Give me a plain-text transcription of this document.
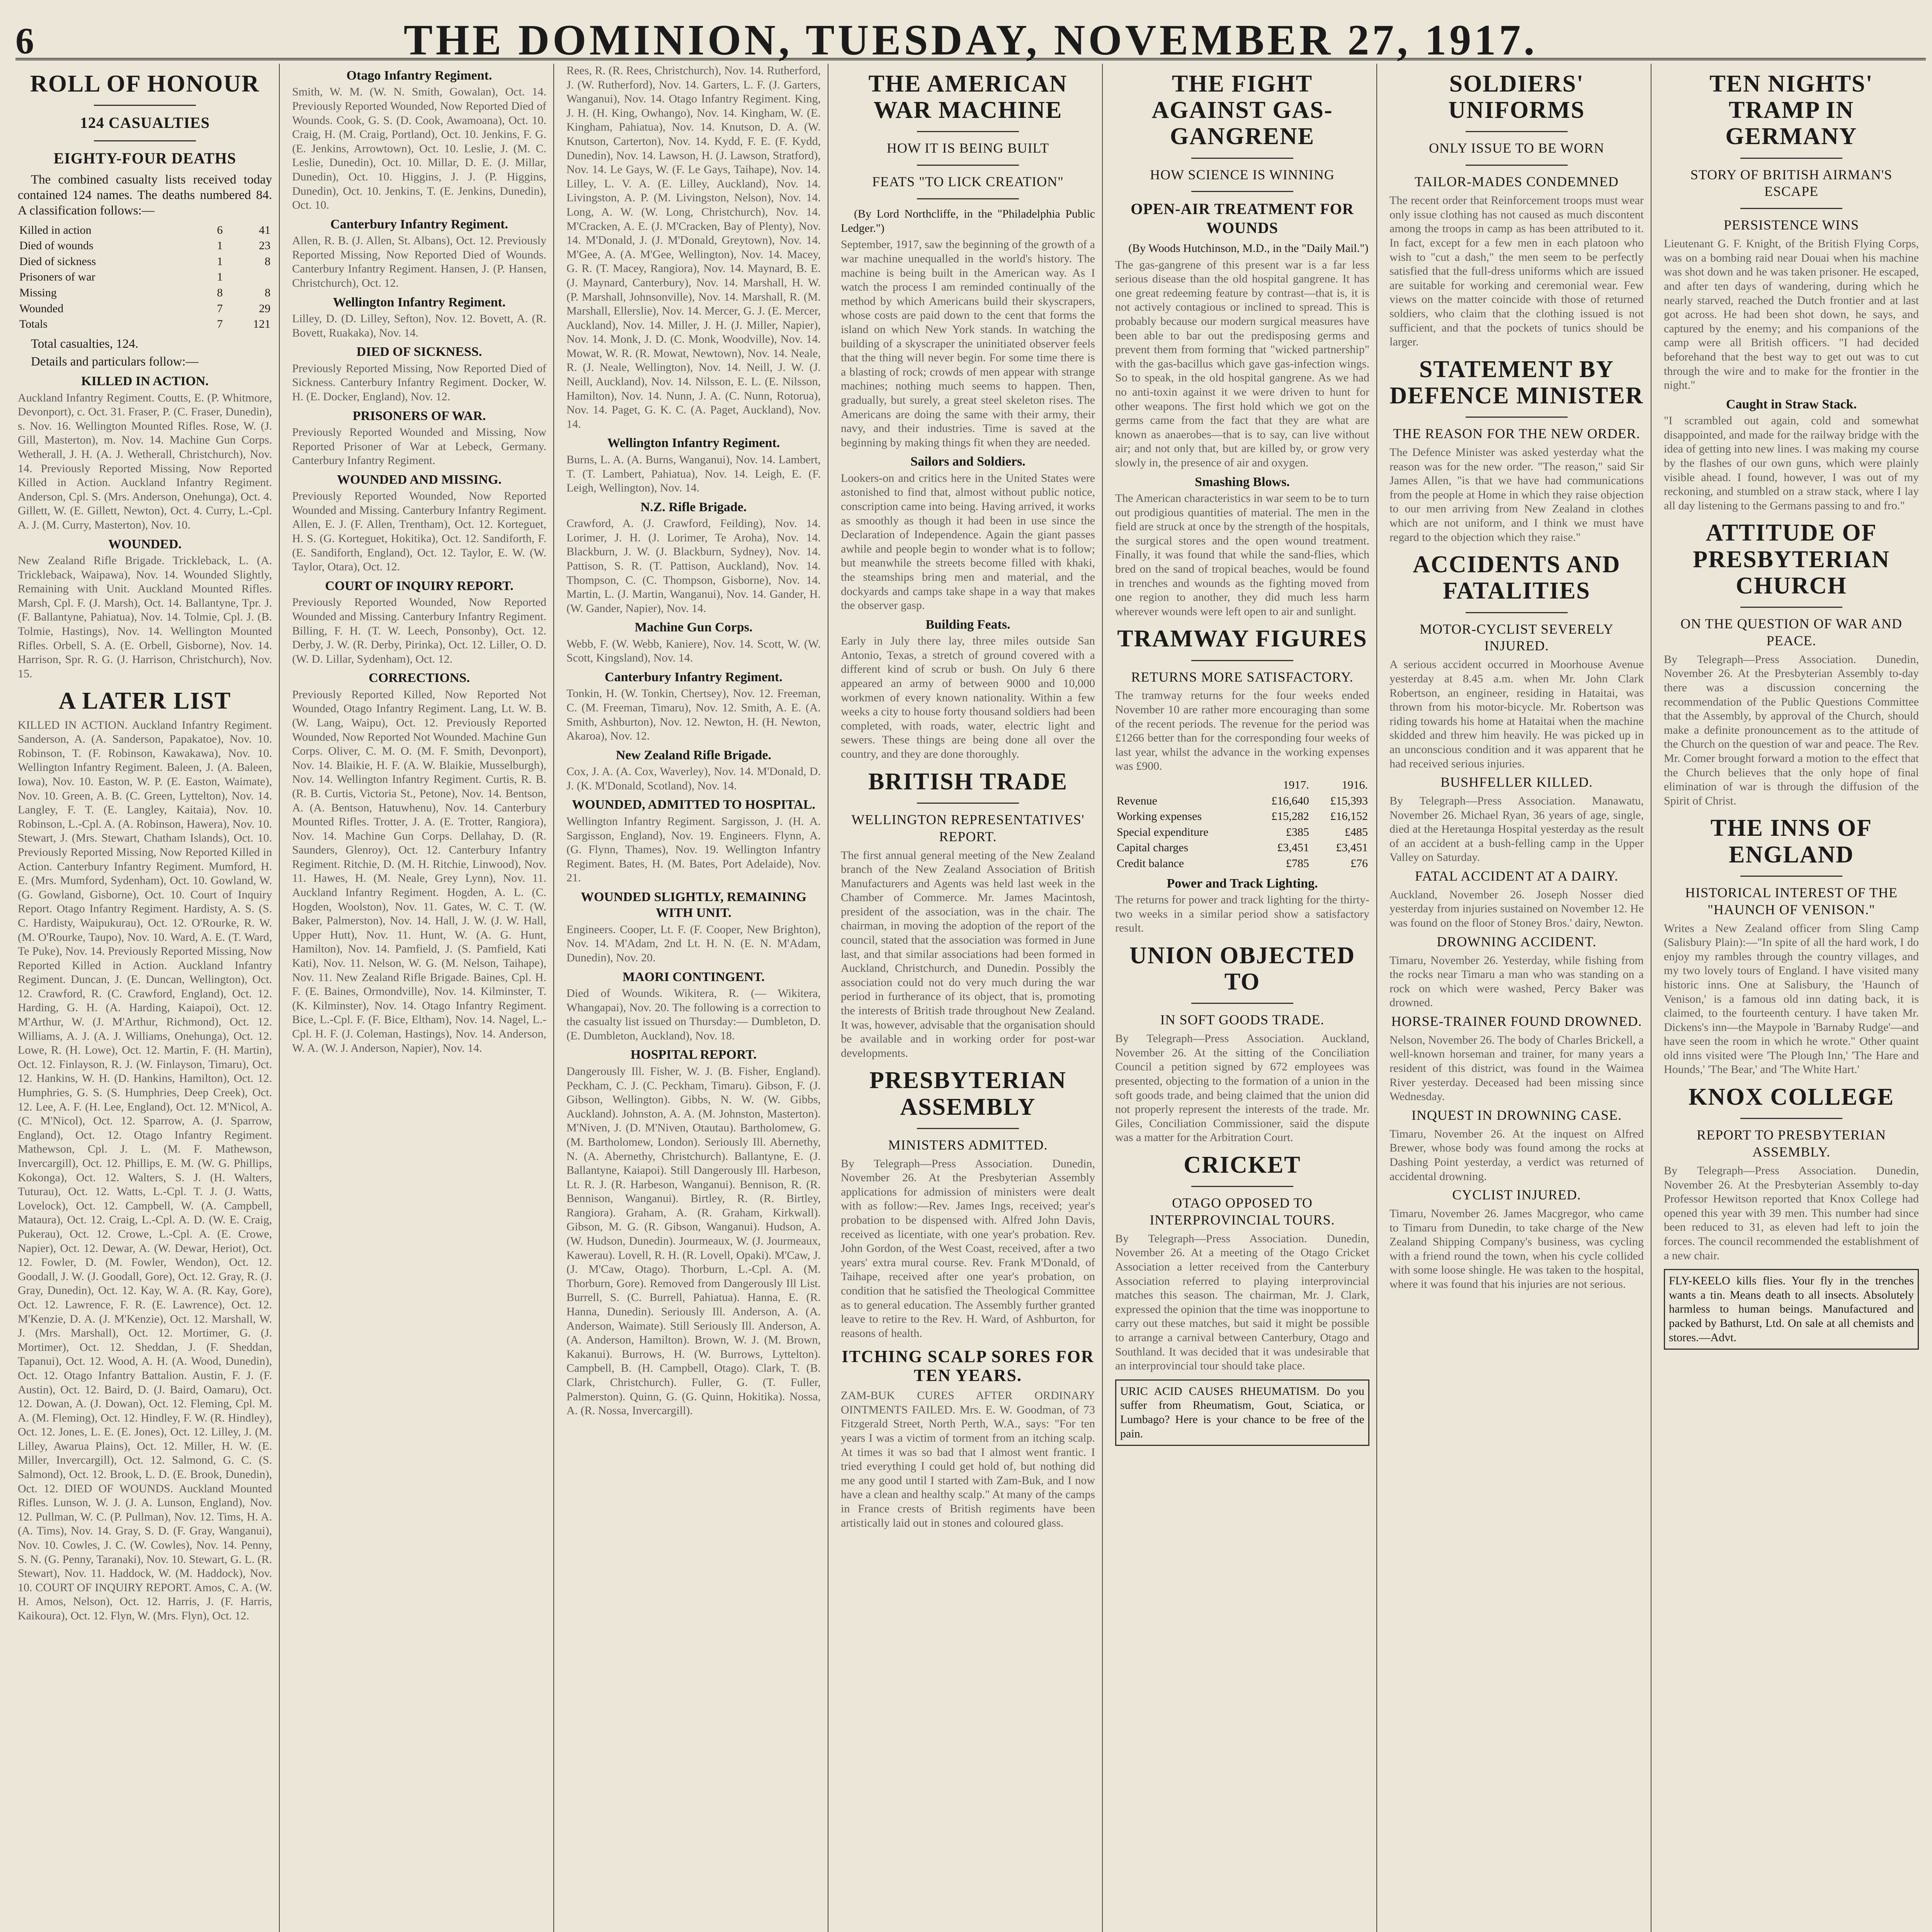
6	THE DOMINION, TUESDAY, NOVEMBER 27, 1917.
ROLL OF HONOUR
124 CASUALTIES
EIGHTY-FOUR DEATHS

The combined casualty lists received today contained 124 names. The deaths numbered 84. A classification follows:—

Killed in action	6	41
Died of wounds	1	23
Died of sickness	1	8
Prisoners of war	1	
Missing	8	8
Wounded	7	29
Totals	7	121

Total casualties, 124.

Details and particulars follow:—

KILLED IN ACTION.
Auckland Infantry Regiment. Coutts, E. (P. Whitmore, Devonport), c. Oct. 31. Fraser, P. (C. Fraser, Dunedin), s. Nov. 16. Wellington Mounted Rifles. Rose, W. (J. Gill, Masterton), m. Nov. 14. Machine Gun Corps. Wetherall, J. H. (A. J. Wetherall, Christchurch), Nov. 14. Previously Reported Missing, Now Reported Killed in Action. Auckland Infantry Regiment. Anderson, Cpl. S. (Mrs. Anderson, Onehunga), Oct. 4. Gillett, W. (E. Gillett, Newton), Oct. 4. Curry, L.-Cpl. A. J. (M. Curry, Masterton), Nov. 10.
WOUNDED.
New Zealand Rifle Brigade. Trickleback, L. (A. Trickleback, Waipawa), Nov. 14. Wounded Slightly, Remaining with Unit. Auckland Mounted Rifles. Marsh, Cpl. F. (J. Marsh), Oct. 14. Ballantyne, Tpr. J. (F. Ballantyne, Pahiatua), Nov. 14. Tolmie, Cpl. J. (B. Tolmie, Hastings), Nov. 14. Wellington Mounted Rifles. Orbell, S. A. (E. Orbell, Gisborne), Nov. 14. Harrison, Spr. R. G. (J. Harrison, Christchurch), Nov. 15.
A LATER LIST
KILLED IN ACTION. Auckland Infantry Regiment. Sanderson, A. (A. Sanderson, Papakatoe), Nov. 10. Robinson, T. (F. Robinson, Kawakawa), Nov. 10. Wellington Infantry Regiment. Baleen, J. (A. Baleen, Iowa), Nov. 10. Easton, W. P. (E. Easton, Waimate), Nov. 10. Green, A. B. (C. Green, Lyttelton), Nov. 14. Langley, F. T. (E. Langley, Kaitaia), Nov. 10. Robinson, L.-Cpl. A. (A. Robinson, Hawera), Nov. 10. Stewart, J. (Mrs. Stewart, Chatham Islands), Oct. 10. Previously Reported Missing, Now Reported Killed in Action. Canterbury Infantry Regiment. Mumford, H. E. (Mrs. Mumford, Sydenham), Oct. 10. Gowland, W. (G. Gowland, Gisborne), Oct. 10. Court of Inquiry Report. Otago Infantry Regiment. Hardisty, A. S. (S. C. Hardisty, Waipukurau), Oct. 12. O'Rourke, R. W. (M. O'Rourke, Taupo), Nov. 10. Ward, A. E. (T. Ward, Te Puke), Nov. 14. Previously Reported Missing, Now Reported Killed in Action. Auckland Infantry Regiment. Duncan, J. (E. Duncan, Wellington), Oct. 12. Crawford, R. (C. Crawford, England), Oct. 12. Harding, G. H. (A. Harding, Kaiapoi), Oct. 12. M'Arthur, W. (J. M'Arthur, Richmond), Oct. 12. Williams, A. J. (A. J. Williams, Onehunga), Oct. 12. Lowe, R. (H. Lowe), Oct. 12. Martin, F. (H. Martin), Oct. 12. Finlayson, R. J. (W. Finlayson, Timaru), Oct. 12. Hankins, W. H. (D. Hankins, Hamilton), Oct. 12. Humphries, G. S. (S. Humphries, Deep Creek), Oct. 12. Lee, A. F. (H. Lee, England), Oct. 12. M'Nicol, A. (C. M'Nicol), Oct. 12. Sparrow, A. (J. Sparrow, England), Oct. 12. Otago Infantry Regiment. Mathewson, Cpl. J. L. (M. F. Mathewson, Invercargill), Oct. 12. Phillips, E. M. (W. G. Phillips, Kokonga), Oct. 12. Walters, S. J. (H. Walters, Tuturau), Oct. 12. Watts, L.-Cpl. T. J. (J. Watts, Lovelock), Oct. 12. Campbell, W. (A. Campbell, Mataura), Oct. 12. Craig, L.-Cpl. A. D. (W. E. Craig, Pukerau), Oct. 12. Crowe, L.-Cpl. A. (E. Crowe, Napier), Oct. 12. Dewar, A. (W. Dewar, Heriot), Oct. 12. Fowler, D. (M. Fowler, Wendon), Oct. 12. Goodall, J. W. (J. Goodall, Gore), Oct. 12. Gray, R. (J. Gray, Dunedin), Oct. 12. Kay, W. A. (R. Kay, Gore), Oct. 12. Lawrence, F. R. (E. Lawrence), Oct. 12. M'Kenzie, D. A. (J. M'Kenzie), Oct. 12. Marshall, W. J. (Mrs. Marshall), Oct. 12. Mortimer, G. (J. Mortimer), Oct. 12. Sheddan, J. (F. Sheddan, Tapanui), Oct. 12. Wood, A. H. (A. Wood, Dunedin), Oct. 12. Otago Infantry Battalion. Austin, F. J. (F. Austin), Oct. 12. Baird, D. (J. Baird, Oamaru), Oct. 12. Dowan, A. (J. Dowan), Oct. 12. Fleming, Cpl. M. A. (M. Fleming), Oct. 12. Hindley, F. W. (R. Hindley), Oct. 12. Jones, L. E. (E. Jones), Oct. 12. Lilley, J. (M. Lilley, Awarua Plains), Oct. 12. Miller, H. W. (E. Miller, Invercargill), Oct. 12. Salmond, G. C. (S. Salmond), Oct. 12. Brook, L. D. (E. Brook, Dunedin), Oct. 12. DIED OF WOUNDS. Auckland Mounted Rifles. Lunson, W. J. (J. A. Lunson, England), Nov. 12. Pullman, W. C. (P. Pullman), Nov. 12. Tims, H. A. (A. Tims), Nov. 14. Gray, S. D. (F. Gray, Wanganui), Nov. 10. Cowles, J. C. (W. Cowles), Nov. 14. Penny, S. N. (G. Penny, Taranaki), Nov. 10. Stewart, G. L. (R. Stewart), Nov. 11. Haddock, W. (M. Haddock), Nov. 10. COURT OF INQUIRY REPORT. Amos, C. A. (W. H. Amos, Nelson), Oct. 12. Harris, J. (F. Harris, Kaikoura), Oct. 12. Flyn, W. (Mrs. Flyn), Oct. 12.
Otago Infantry Regiment.
Smith, W. M. (W. N. Smith, Gowalan), Oct. 14. Previously Reported Wounded, Now Reported Died of Wounds. Cook, G. S. (D. Cook, Awamoana), Oct. 10. Craig, H. (M. Craig, Portland), Oct. 10. Jenkins, F. G. (E. Jenkins, Arrowtown), Oct. 10. Leslie, J. (M. C. Leslie, Dunedin), Oct. 10. Millar, D. E. (J. Millar, Dunedin), Oct. 10. Higgins, J. J. (P. Higgins, Dunedin), Oct. 10. Jenkins, T. (E. Jenkins, Dunedin), Oct. 10.
Canterbury Infantry Regiment.
Allen, R. B. (J. Allen, St. Albans), Oct. 12. Previously Reported Missing, Now Reported Died of Wounds. Canterbury Infantry Regiment. Hansen, J. (P. Hansen, Christchurch), Oct. 12.
Wellington Infantry Regiment.
Lilley, D. (D. Lilley, Sefton), Nov. 12. Bovett, A. (R. Bovett, Ruakaka), Nov. 14.
DIED OF SICKNESS.
Previously Reported Missing, Now Reported Died of Sickness. Canterbury Infantry Regiment. Docker, W. H. (E. Docker, England), Nov. 12.
PRISONERS OF WAR.
Previously Reported Wounded and Missing, Now Reported Prisoner of War at Lebeck, Germany. Canterbury Infantry Regiment.
WOUNDED AND MISSING.
Previously Reported Wounded, Now Reported Wounded and Missing. Canterbury Infantry Regiment. Allen, E. J. (F. Allen, Trentham), Oct. 12. Korteguet, H. S. (G. Korteguet, Hokitika), Oct. 12. Sandiforth, F. (E. Sandiforth, England), Oct. 12. Taylor, E. W. (W. Taylor, Otara), Oct. 12.
COURT OF INQUIRY REPORT.
Previously Reported Wounded, Now Reported Wounded and Missing. Canterbury Infantry Regiment. Billing, F. H. (T. W. Leech, Ponsonby), Oct. 12. Derby, J. W. (R. Derby, Pirinka), Oct. 12. Liller, O. D. (W. D. Lillar, Sydenham), Oct. 12.
CORRECTIONS.
Previously Reported Killed, Now Reported Not Wounded, Otago Infantry Regiment. Lang, Lt. W. B. (W. Lang, Waipu), Oct. 12. Previously Reported Wounded, Now Reported Not Wounded. Machine Gun Corps. Oliver, C. M. O. (M. F. Smith, Devonport), Nov. 14. Blaikie, H. F. (A. W. Blaikie, Musselburgh), Nov. 14. Wellington Infantry Regiment. Curtis, R. B. (R. B. Curtis, Victoria St., Petone), Nov. 14. Bentson, A. (A. Bentson, Hatuwhenu), Nov. 14. Canterbury Mounted Rifles. Trotter, J. A. (E. Trotter, Rangiora), Nov. 14. Machine Gun Corps. Dellahay, D. (R. Saunders, Glenroy), Oct. 12. Canterbury Infantry Regiment. Ritchie, D. (M. H. Ritchie, Linwood), Nov. 11. Hawes, H. (M. Neale, Grey Lynn), Nov. 11. Auckland Infantry Regiment. Hogden, A. L. (C. Hogden, Woolston), Nov. 11. Gates, W. C. T. (W. Baker, Palmerston), Nov. 14. Hall, J. W. (J. W. Hall, Upper Hutt), Nov. 11. Hunt, W. (A. G. Hunt, Hamilton), Nov. 14. Pamfield, J. (S. Pamfield, Kati Kati), Nov. 11. Nelson, W. G. (M. Nelson, Taihape), Nov. 11. New Zealand Rifle Brigade. Baines, Cpl. H. F. (E. Baines, Ormondville), Nov. 14. Kilminster, T. (K. Kilminster), Nov. 14. Otago Infantry Regiment. Bice, L.-Cpl. F. (F. Bice, Eltham), Nov. 14. Nagel, L.-Cpl. H. F. (J. Coleman, Hastings), Nov. 14. Anderson, W. A. (W. J. Anderson, Napier), Nov. 14.
Rees, R. (R. Rees, Christchurch), Nov. 14. Rutherford, J. (W. Rutherford), Nov. 14. Garters, L. F. (J. Garters, Wanganui), Nov. 14. Otago Infantry Regiment. King, J. H. (H. King, Owhango), Nov. 14. Kingham, W. (E. Kingham, Pahiatua), Nov. 14. Knutson, D. A. (W. Knutson, Carterton), Nov. 14. Kydd, F. E. (F. Kydd, Dunedin), Nov. 14. Lawson, H. (J. Lawson, Stratford), Nov. 14. Le Gays, W. (F. Le Gays, Taihape), Nov. 14. Lilley, L. V. A. (E. Lilley, Auckland), Nov. 14. Livingston, A. P. (M. Livingston, Nelson), Nov. 14. Long, A. W. (W. Long, Christchurch), Nov. 14. M'Cracken, A. E. (J. M'Cracken, Bay of Plenty), Nov. 14. M'Donald, J. (J. M'Donald, Greytown), Nov. 14. M'Gee, A. (A. M'Gee, Wellington), Nov. 14. Macey, G. R. (T. Macey, Rangiora), Nov. 14. Maynard, B. E. (J. Maynard, Canterbury), Nov. 14. Marshall, H. W. (P. Marshall, Johnsonville), Nov. 14. Marshall, R. (M. Marshall, Ellerslie), Nov. 14. Mercer, G. J. (E. Mercer, Auckland), Nov. 14. Miller, J. H. (J. Miller, Napier), Nov. 14. Monk, J. D. (C. Monk, Woodville), Nov. 14. Mowat, W. R. (R. Mowat, Newtown), Nov. 14. Neale, R. (J. Neale, Wellington), Nov. 14. Neill, J. W. (J. Neill, Auckland), Nov. 14. Nilsson, E. L. (E. Nilsson, Hamilton), Nov. 14. Nunn, J. A. (C. Nunn, Rotorua), Nov. 14. Paget, G. K. C. (A. Paget, Auckland), Nov. 14.
Wellington Infantry Regiment.
Burns, L. A. (A. Burns, Wanganui), Nov. 14. Lambert, T. (T. Lambert, Pahiatua), Nov. 14. Leigh, E. (F. Leigh, Wellington), Nov. 14.
N.Z. Rifle Brigade.
Crawford, A. (J. Crawford, Feilding), Nov. 14. Lorimer, J. H. (J. Lorimer, Te Aroha), Nov. 14. Blackburn, J. W. (J. Blackburn, Sydney), Nov. 14. Pattison, S. R. (T. Pattison, Auckland), Nov. 14. Thompson, C. (C. Thompson, Gisborne), Nov. 14. Martin, L. (J. Martin, Wanganui), Nov. 14. Gander, H. (W. Gander, Napier), Nov. 14.
Machine Gun Corps.
Webb, F. (W. Webb, Kaniere), Nov. 14. Scott, W. (W. Scott, Kingsland), Nov. 14.
Canterbury Infantry Regiment.
Tonkin, H. (W. Tonkin, Chertsey), Nov. 12. Freeman, C. (M. Freeman, Timaru), Nov. 12. Smith, A. E. (A. Smith, Ashburton), Nov. 12. Newton, H. (H. Newton, Akaroa), Nov. 12.
New Zealand Rifle Brigade.
Cox, J. A. (A. Cox, Waverley), Nov. 14. M'Donald, D. J. (K. M'Donald, Scotland), Nov. 14.
WOUNDED, ADMITTED TO HOSPITAL.
Wellington Infantry Regiment. Sargisson, J. (H. A. Sargisson, England), Nov. 19. Engineers. Flynn, A. (G. Flynn, Thames), Nov. 19. Wellington Infantry Regiment. Bates, H. (M. Bates, Port Adelaide), Nov. 21.
WOUNDED SLIGHTLY, REMAINING WITH UNIT.
Engineers. Cooper, Lt. F. (F. Cooper, New Brighton), Nov. 14. M'Adam, 2nd Lt. H. N. (E. N. M'Adam, Dunedin), Nov. 20.
MAORI CONTINGENT.
Died of Wounds. Wikitera, R. (— Wikitera, Whangapai), Nov. 20. The following is a correction to the casualty list issued on Thursday:— Dumbleton, D. (E. Dumbleton, Auckland), Nov. 18.
HOSPITAL REPORT.
Dangerously Ill. Fisher, W. J. (B. Fisher, England). Peckham, C. J. (C. Peckham, Timaru). Gibson, F. (J. Gibson, Wellington). Gibbs, N. W. (W. Gibbs, Auckland). Johnston, A. A. (M. Johnston, Masterton). M'Niven, J. (D. M'Niven, Otautau). Bartholomew, G. (M. Bartholomew, London). Seriously Ill. Abernethy, N. (A. Abernethy, Christchurch). Ballantyne, E. (J. Ballantyne, Kaiapoi). Still Dangerously Ill. Harbeson, Lt. R. J. (R. Harbeson, Wanganui). Bennison, R. (R. Bennison, Wanganui). Birtley, R. (R. Birtley, Rangiora). Graham, A. (R. Graham, Kirkwall). Gibson, M. G. (R. Gibson, Wanganui). Hudson, A. (W. Hudson, Dunedin). Jourmeaux, W. (J. Jourmeaux, Kawerau). Lovell, R. H. (R. Lovell, Opaki). M'Caw, J. (J. M'Caw, Otago). Thorburn, L.-Cpl. A. (M. Thorburn, Gore). Removed from Dangerously Ill List. Burrell, S. (C. Burrell, Pahiatua). Hanna, E. (R. Hanna, Dunedin). Seriously Ill. Anderson, A. (A. Anderson, Waimate). Still Seriously Ill. Anderson, A. (A. Anderson, Hamilton). Brown, W. J. (M. Brown, Kakanui). Burrows, H. (W. Burrows, Lyttelton). Campbell, B. (H. Campbell, Otago). Clark, T. (B. Clark, Christchurch). Fuller, G. (T. Fuller, Palmerston). Quinn, G. (G. Quinn, Hokitika). Nossa, A. (R. Nossa, Invercargill).
THE AMERICAN WAR MACHINE
HOW IT IS BEING BUILT
FEATS "TO LICK CREATION"

(By Lord Northcliffe, in the "Philadelphia Public Ledger.")

September, 1917, saw the beginning of the growth of a war machine unequalled in the world's history. The machine is being built in the American way. As I watch the process I am reminded continually of the method by which Americans build their skyscrapers, whose costs are paid down to the cent that forms the island on which New York stands. In watching the building of a skyscraper the uninitiated observer feels that the thing will never begin. For some time there is a blasting of rock; crowds of men appear with strange machines; nothing much seems to happen. Then, gradually, but surely, a great steel skeleton rises. The Americans are doing the same with their army, their navy, and their industries. Time is saved at the beginning by making things fit when they are needed.
Sailors and Soldiers.
Lookers-on and critics here in the United States were astonished to find that, almost without public notice, conscription came into being. Having arrived, it works as smoothly as though it had been in use since the Declaration of Independence. Again the giant passes awhile and people begin to wonder what is to follow; but meanwhile the streets become filled with khaki, the steamships bring men and material, and the dockyards and camps take shape in a way that makes the observer gasp.
Building Feats.
Early in July there lay, three miles outside San Antonio, Texas, a stretch of ground covered with a different kind of scrub or bush. On July 6 there appeared an army of between 9000 and 10,000 workmen of every known nationality. Within a few weeks a city to house forty thousand soldiers had been completed, with roads, water, electric light and sewers. These things are being done all over the country, and they are done thoroughly.
BRITISH TRADE
WELLINGTON REPRESENTATIVES' REPORT.
The first annual general meeting of the New Zealand branch of the New Zealand Association of British Manufacturers and Agents was held last week in the Chamber of Commerce. Mr. James Macintosh, president of the association, was in the chair. The chairman, in moving the adoption of the report of the council, stated that the association was formed in June last, and that similar associations had been formed in Auckland, Christchurch, and Dunedin. Possibly the association could not do very much during the war period in furtherance of its object, that is, promoting the interests of British trade throughout New Zealand. It was, however, advisable that the organisation should be available and in working order for post-war developments.
PRESBYTERIAN ASSEMBLY
MINISTERS ADMITTED.
By Telegraph—Press Association. Dunedin, November 26. At the Presbyterian Assembly applications for admission of ministers were dealt with as follow:—Rev. James Ings, received; year's probation to be dispensed with. Alfred John Davis, received as licentiate, with one year's probation. Rev. John Gordon, of the West Coast, received, after a two years' extra mural course. Rev. Frank M'Donald, of Taihape, received after one year's probation, on condition that he satisfied the Theological Committee as to general education. The Assembly further granted leave to retire to the Rev. H. Ward, of Ashburton, for reasons of health.
ITCHING SCALP SORES FOR TEN YEARS.
ZAM-BUK CURES AFTER ORDINARY OINTMENTS FAILED. Mrs. E. W. Goodman, of 73 Fitzgerald Street, North Perth, W.A., says: "For ten years I was a victim of torment from an itching scalp. At times it was so bad that I almost went frantic. I tried everything I could get hold of, but nothing did me any good until I started with Zam-Buk, and I now have a clean and healthy scalp." At many of the camps in France crests of British regiments have been artistically laid out in stones and coloured glass.
THE FIGHT AGAINST GAS-GANGRENE
HOW SCIENCE IS WINNING
OPEN-AIR TREATMENT FOR WOUNDS

(By Woods Hutchinson, M.D., in the "Daily Mail.")

The gas-gangrene of this present war is a far less serious disease than the old hospital gangrene. It has one great redeeming feature by contrast—that is, it is not actively contagious or inclined to spread. This is probably because our modern surgical measures have been able to bar out the predisposing germs and prevent them from forming that "wicked partnership" with the gas-bacillus which gave gas-infection wings. So to speak, in the old hospital gangrene. As we had no anti-toxin against it we were driven to hunt for other weapons. The first hold which we got on the germs came from the fact that they are what are known as anaerobes—that is to say, can live without air; and not only that, but are killed by, or grow very slowly in, the presence of air and oxygen.
Smashing Blows.
The American characteristics in war seem to be to turn out prodigious quantities of material. The men in the field are struck at once by the strength of the hospitals, the surgical stores and the open wound treatment. Finally, it was found that while the sand-flies, which bred on the sand of tropical beaches, would be found in trenches and wounds as the fighting moved from one region to another, they did much less harm wherever wounds were left open to air and sunlight.
TRAMWAY FIGURES
RETURNS MORE SATISFACTORY.
The tramway returns for the four weeks ended November 10 are rather more encouraging than some of the recent periods. The revenue for the period was £1266 better than for the corresponding four weeks of last year, whilst the advance in the working expenses was £900.
	1917.	1916.
Revenue	£16,640	£15,393
Working expenses	£15,282	£16,152
Special expenditure	£385	£485
Capital charges	£3,451	£3,451
Credit balance	£785	£76
Power and Track Lighting.
The returns for power and track lighting for the thirty-two weeks in a similar period show a satisfactory result.
UNION OBJECTED TO
IN SOFT GOODS TRADE.
By Telegraph—Press Association. Auckland, November 26. At the sitting of the Conciliation Council a petition signed by 672 employees was presented, objecting to the formation of a union in the soft goods trade, and being claimed that the union did not properly represent the interests of the trade. Mr. Giles, Conciliation Commissioner, said the dispute was a matter for the Arbitration Court.
CRICKET
OTAGO OPPOSED TO INTERPROVINCIAL TOURS.
By Telegraph—Press Association. Dunedin, November 26. At a meeting of the Otago Cricket Association a letter received from the Canterbury Association referred to playing interprovincial matches this season. The chairman, Mr. J. Clark, expressed the opinion that the time was inopportune to carry out these matches, but said it might be possible to arrange a carnival between Canterbury, Otago and Southland. It was decided that it was undesirable that an interprovincial tour should take place.
URIC ACID CAUSES RHEUMATISM. Do you suffer from Rheumatism, Gout, Sciatica, or Lumbago? Here is your chance to be free of the pain.
SOLDIERS' UNIFORMS
ONLY ISSUE TO BE WORN
TAILOR-MADES CONDEMNED
The recent order that Reinforcement troops must wear only issue clothing has not caused as much discontent among the troops in camp as has been attributed to it. In fact, except for a few men in each platoon who wish to "cut a dash," the men seem to be perfectly satisfied that the full-dress uniforms which are issued are suitable for working and ceremonial wear. Few views on the matter coincide with those of returned soldiers, who claim that the clothing issued is not sufficient, and that the pockets of tunics should be larger.
STATEMENT BY DEFENCE MINISTER
THE REASON FOR THE NEW ORDER.
The Defence Minister was asked yesterday what the reason was for the new order. "The reason," said Sir James Allen, "is that we have had communications from the people at Home in which they raise objection to our men arriving from New Zealand in clothes which are not uniform, and I think we must have regard to the objection which they raise."
ACCIDENTS AND FATALITIES
MOTOR-CYCLIST SEVERELY INJURED.
A serious accident occurred in Moorhouse Avenue yesterday at 8.45 a.m. when Mr. John Clark Robertson, an engineer, residing in Hataitai, was thrown from his motor-bicycle. Mr. Robertson was riding towards his home at Hataitai when the machine skidded and threw him heavily. He was picked up in an unconscious condition and it was apparent that he had received serious injuries.
BUSHFELLER KILLED.
By Telegraph—Press Association. Manawatu, November 26. Michael Ryan, 36 years of age, single, died at the Heretaunga Hospital yesterday as the result of an accident at a bush-felling camp in the Upper Valley on Saturday.
FATAL ACCIDENT AT A DAIRY.
Auckland, November 26. Joseph Nosser died yesterday from injuries sustained on November 12. He was found on the floor of Stoney Bros.' dairy, Newton.
DROWNING ACCIDENT.
Timaru, November 26. Yesterday, while fishing from the rocks near Timaru a man who was standing on a rock on which were washed, Percy Baker was drowned.
HORSE-TRAINER FOUND DROWNED.
Nelson, November 26. The body of Charles Brickell, a well-known horseman and trainer, for many years a resident of this district, was found in the Waimea River yesterday. Deceased had been missing since Wednesday.
INQUEST IN DROWNING CASE.
Timaru, November 26. At the inquest on Alfred Brewer, whose body was found among the rocks at Dashing Point yesterday, a verdict was returned of accidental drowning.
CYCLIST INJURED.
Timaru, November 26. James Macgregor, who came to Timaru from Dunedin, to take charge of the New Zealand Shipping Company's business, was cycling with a friend round the town, when his cycle collided with some loose shingle. He was taken to the hospital, where it was found that his injuries are not serious.
TEN NIGHTS' TRAMP IN GERMANY
STORY OF BRITISH AIRMAN'S ESCAPE
PERSISTENCE WINS
Lieutenant G. F. Knight, of the British Flying Corps, was on a bombing raid near Douai when his machine was shot down and he was taken prisoner. He escaped, and after ten days of wandering, during which he nearly starved, reached the Dutch frontier and at last got across. He had been shot down, he says, and captured by the enemy; and his companions of the camp were all British officers. "I had decided beforehand that the best way to get out was to cut through the wire and to make for the frontier in the night."
Caught in Straw Stack.
"I scrambled out again, cold and somewhat disappointed, and made for the railway bridge with the idea of getting into new lines. I was making my course by the flashes of our own guns, which were plainly visible ahead. I found, however, I was out of my reckoning, and stumbled on a straw stack, where I lay all day listening to the Germans passing to and fro."
ATTITUDE OF PRESBYTERIAN CHURCH
ON THE QUESTION OF WAR AND PEACE.
By Telegraph—Press Association. Dunedin, November 26. At the Presbyterian Assembly to-day there was a discussion concerning the recommendation of the Public Questions Committee that the Assembly, by approval of the Church, should make a definite pronouncement as to the attitude of the Church on the question of war and peace. The Rev. Mr. Comer brought forward a motion to the effect that the Church believes that the only hope of final elimination of war is through the diffusion of the Spirit of Christ.
THE INNS OF ENGLAND
HISTORICAL INTEREST OF THE "HAUNCH OF VENISON."
Writes a New Zealand officer from Sling Camp (Salisbury Plain):—"In spite of all the hard work, I do enjoy my rambles through the country villages, and my two lovely tours of England. I have visited many historic inns. One at Salisbury, the 'Haunch of Venison,' is a famous old inn dating back, it is claimed, to the fourteenth century. I have taken Mr. Dickens's inn—the Maypole in 'Barnaby Rudge'—and have seen the room in which he wrote." Other quaint old inns visited were 'The Plough Inn,' 'The Hare and Hounds,' 'The Bear,' and 'The White Hart.'
KNOX COLLEGE
REPORT TO PRESBYTERIAN ASSEMBLY.
By Telegraph—Press Association. Dunedin, November 26. At the Presbyterian Assembly to-day Professor Hewitson reported that Knox College had opened this year with 39 men. This number had since been reduced to 31, as eleven had left to join the forces. The council recommended the establishment of a new chair.
FLY-KEELO kills flies. Your fly in the trenches wants a tin. Means death to all insects. Absolutely harmless to human beings. Manufactured and packed by Bathurst, Ltd. On sale at all chemists and stores.—Advt.
